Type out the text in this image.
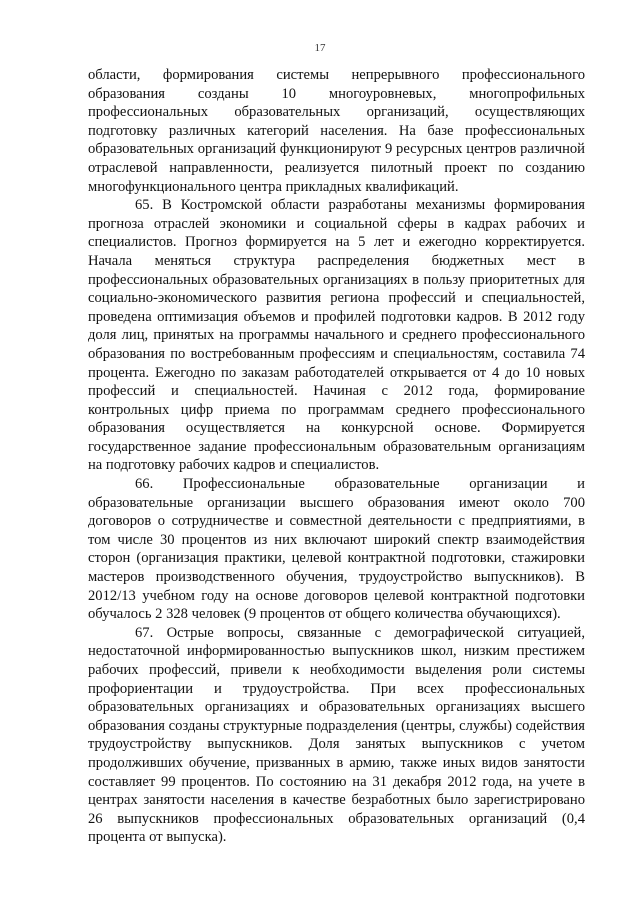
17

области, формирования системы непрерывного профессионального образования созданы 10 многоуровневых, многопрофильных профессиональных образовательных организаций, осуществляющих подготовку различных категорий населения. На базе профессиональных образовательных организаций функционируют 9 ресурсных центров различной отраслевой направленности, реализуется пилотный проект по созданию многофункционального центра прикладных квалификаций.

65. В Костромской области разработаны механизмы формирования прогноза отраслей экономики и социальной сферы в кадрах рабочих и специалистов. Прогноз формируется на 5 лет и ежегодно корректируется. Начала меняться структура распределения бюджетных мест в профессиональных образовательных организациях в пользу приоритетных для социально-экономического развития региона профессий и специальностей, проведена оптимизация объемов и профилей подготовки кадров. В 2012 году доля лиц, принятых на программы начального и среднего профессионального образования по востребованным профессиям и специальностям, составила 74 процента. Ежегодно по заказам работодателей открывается от 4 до 10 новых профессий и специальностей. Начиная с 2012 года, формирование контрольных цифр приема по программам среднего профессионального образования осуществляется на конкурсной основе. Формируется государственное задание профессиональным образовательным организациям на подготовку рабочих кадров и специалистов.

66. Профессиональные образовательные организации и образовательные организации высшего образования имеют около 700 договоров о сотрудничестве и совместной деятельности с предприятиями, в том числе 30 процентов из них включают широкий спектр взаимодействия сторон (организация практики, целевой контрактной подготовки, стажировки мастеров производственного обучения, трудоустройство выпускников). В 2012/13 учебном году на основе договоров целевой контрактной подготовки обучалось 2 328 человек (9 процентов от общего количества обучающихся).

67. Острые вопросы, связанные с демографической ситуацией, недостаточной информированностью выпускников школ, низким престижем рабочих профессий, привели к необходимости выделения роли системы профориентации и трудоустройства. При всех профессиональных образовательных организациях и образовательных организациях высшего образования созданы структурные подразделения (центры, службы) содействия трудоустройству выпускников. Доля занятых выпускников с учетом продолживших обучение, призванных в армию, также иных видов занятости составляет 99 процентов. По состоянию на 31 декабря 2012 года, на учете в центрах занятости населения в качестве безработных было зарегистрировано 26 выпускников профессиональных образовательных организаций (0,4 процента от выпуска).
